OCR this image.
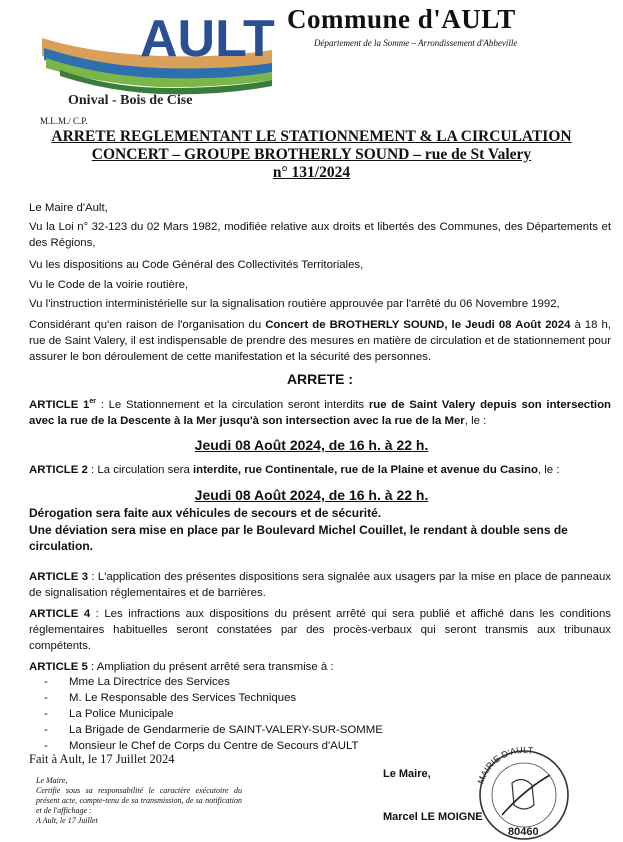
AULT
Onival - Bois de Cise
Commune d'AULT
Département de la Somme – Arrondissement d'Abbeville
M.L.M./ C.P.
ARRETE REGLEMENTANT LE STATIONNEMENT & LA CIRCULATION
CONCERT – GROUPE BROTHERLY SOUND – rue de St Valery
n° 131/2024
Le Maire d'Ault,
Vu la Loi n° 32-123 du 02 Mars 1982, modifiée relative aux droits et libertés des Communes, des Départements et des Régions,
Vu les dispositions au Code Général des Collectivités Territoriales,
Vu le Code de la voirie routière,
Vu l'instruction interministérielle sur la signalisation routière approuvée par l'arrêté du 06 Novembre 1992,
Considérant qu'en raison de l'organisation du Concert de BROTHERLY SOUND, le Jeudi 08 Août 2024 à 18 h, rue de Saint Valery, il est indispensable de prendre des mesures en matière de circulation et de stationnement pour assurer le bon déroulement de cette manifestation et la sécurité des personnes.
ARRETE :
ARTICLE 1er : Le Stationnement et la circulation seront interdits rue de Saint Valery depuis son intersection avec la rue de la Descente à la Mer jusqu'à son intersection avec la rue de la Mer, le :
Jeudi 08 Août 2024, de 16 h. à 22 h.
ARTICLE 2 : La circulation sera interdite, rue Continentale, rue de la Plaine et avenue du Casino, le :
Jeudi 08 Août 2024, de 16 h. à 22 h.
Dérogation sera faite aux véhicules de secours et de sécurité.
Une déviation sera mise en place par le Boulevard Michel Couillet, le rendant à double sens de circulation.
ARTICLE 3 : L'application des présentes dispositions sera signalée aux usagers par la mise en place de panneaux de signalisation réglementaires et de barrières.
ARTICLE 4 : Les infractions aux dispositions du présent arrêté qui sera publié et affiché dans les conditions réglementaires habituelles seront constatées par des procès-verbaux qui seront transmis aux tribunaux compétents.
ARTICLE 5 : Ampliation du présent arrêté sera transmise à :
-	Mme La Directrice des Services
-	M. Le Responsable des Services Techniques
-	La Police Municipale
-	La Brigade de Gendarmerie de SAINT-VALERY-SUR-SOMME
-	Monsieur le Chef de Corps du Centre de Secours d'AULT
Fait à Ault, le 17 Juillet 2024
Le Maire,
Certifie sous sa responsabilité le caractère exécutoire du présent acte, compte-tenu de sa transmission, de sa notification et de l'affichage :
A Ault, le 17 Juillet
Le Maire,
Marcel LE MOIGNE
MAIRIE D'AULT
80460
